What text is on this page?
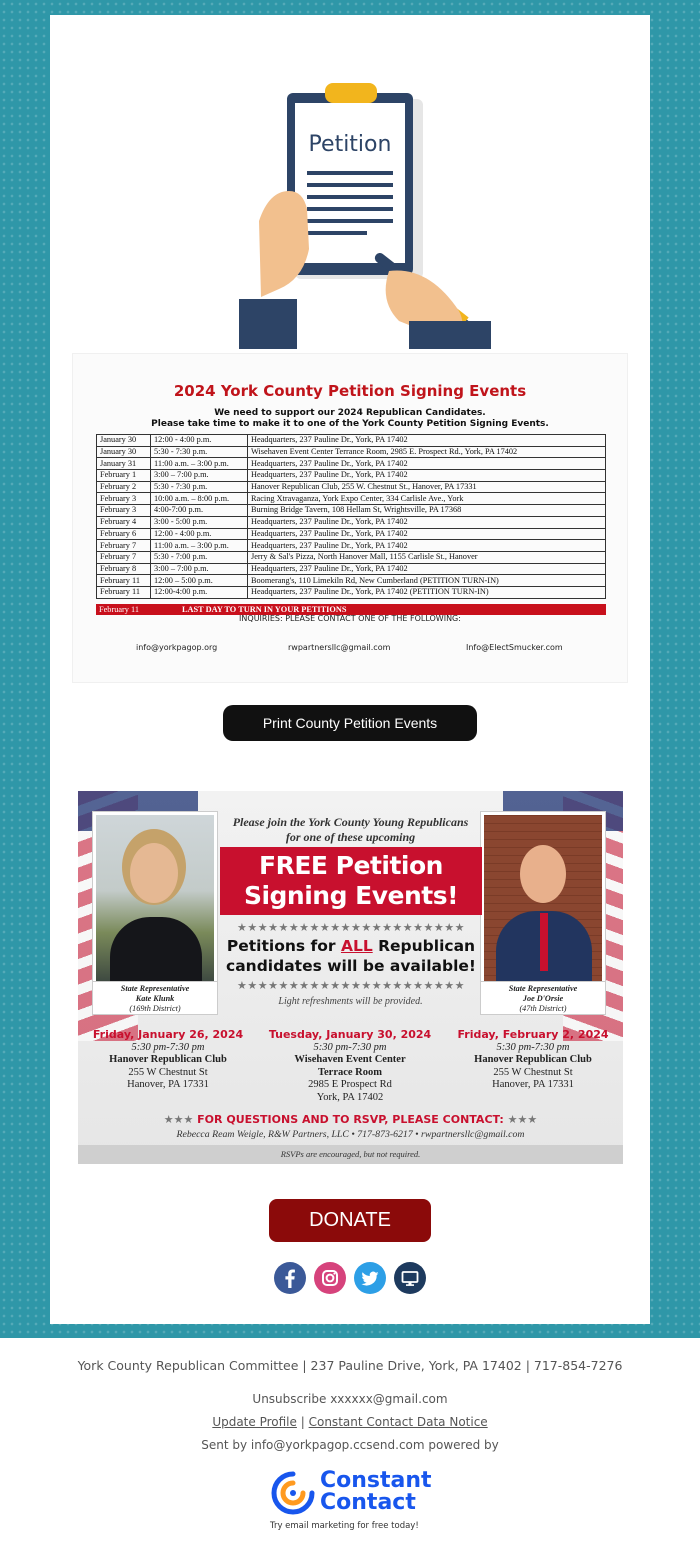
Petition
2024 York County Petition Signing Events
We need to support our 2024 Republican Candidates.
Please take time to make it to one of the York County Petition Signing Events.
January 30	12:00 - 4:00 p.m.	Headquarters, 237 Pauline Dr., York, PA 17402
January 30	5:30 - 7:30 p.m.	Wisehaven Event Center Terrance Room, 2985 E. Prospect Rd., York, PA 17402
January 31	11:00 a.m. – 3:00 p.m.	Headquarters, 237 Pauline Dr., York, PA 17402
February 1	3:00 – 7:00 p.m.	Headquarters, 237 Pauline Dr., York, PA 17402
February 2	5:30 - 7:30 p.m.	Hanover Republican Club, 255 W. Chestnut St., Hanover, PA 17331
February 3	10:00 a.m. – 8:00 p.m.	Racing Xtravaganza, York Expo Center, 334 Carlisle Ave., York
February 3	4:00-7:00 p.m.	Burning Bridge Tavern, 108 Hellam St, Wrightsville, PA 17368
February 4	3:00 - 5:00 p.m.	Headquarters, 237 Pauline Dr., York, PA 17402
February 6	12:00 - 4:00 p.m.	Headquarters, 237 Pauline Dr., York, PA 17402
February 7	11:00 a.m. – 3:00 p.m.	Headquarters, 237 Pauline Dr., York, PA 17402
February 7	5:30 - 7:00 p.m.	Jerry & Sal's Pizza, North Hanover Mall, 1155 Carlisle St., Hanover
February 8	3:00 – 7:00 p.m.	Headquarters, 237 Pauline Dr., York, PA 17402
February 11	12:00 – 5:00 p.m.	Boomerang's, 110 Limekiln Rd, New Cumberland (PETITION TURN-IN)
February 11	12:00-4:00 p.m.	Headquarters, 237 Pauline Dr., York, PA 17402 (PETITION TURN-IN)
February 11	LAST DAY TO TURN IN YOUR PETITIONS
INQUIRIES: PLEASE CONTACT ONE OF THE FOLLOWING:
info@yorkpagop.org	rwpartnersllc@gmail.com	Info@ElectSmucker.com
Print County Petition Events
State Representative
Kate Klunk
(169th District)
State Representative
Joe D'Orsie
(47th District)
Please join the York County Young Republicans for one of these upcoming
FREE Petition
Signing Events!
★★★★★★★★★★★★★★★★★★★★★★
Petitions for ALL Republican
candidates will be available!
★★★★★★★★★★★★★★★★★★★★★★
Light refreshments will be provided.
Friday, January 26, 2024
5:30 pm-7:30 pm
Hanover Republican Club
255 W Chestnut St
Hanover, PA 17331
Tuesday, January 30, 2024
5:30 pm-7:30 pm
Wisehaven Event Center
Terrace Room
2985 E Prospect Rd
York, PA 17402
Friday, February 2, 2024
5:30 pm-7:30 pm
Hanover Republican Club
255 W Chestnut St
Hanover, PA 17331
★★★ FOR QUESTIONS AND TO RSVP, PLEASE CONTACT: ★★★
Rebecca Ream Weigle, R&W Partners, LLC • 717-873-6217 • rwpartnersllc@gmail.com
RSVPs are encouraged, but not required.
DONATE
York County Republican Committee | 237 Pauline Drive, York, PA 17402 | 717-854-7276
Unsubscribe xxxxxx@gmail.com
Update Profile | Constant Contact Data Notice
Sent by info@yorkpagop.ccsend.com powered by
Constant
Contact
Try email marketing for free today!
